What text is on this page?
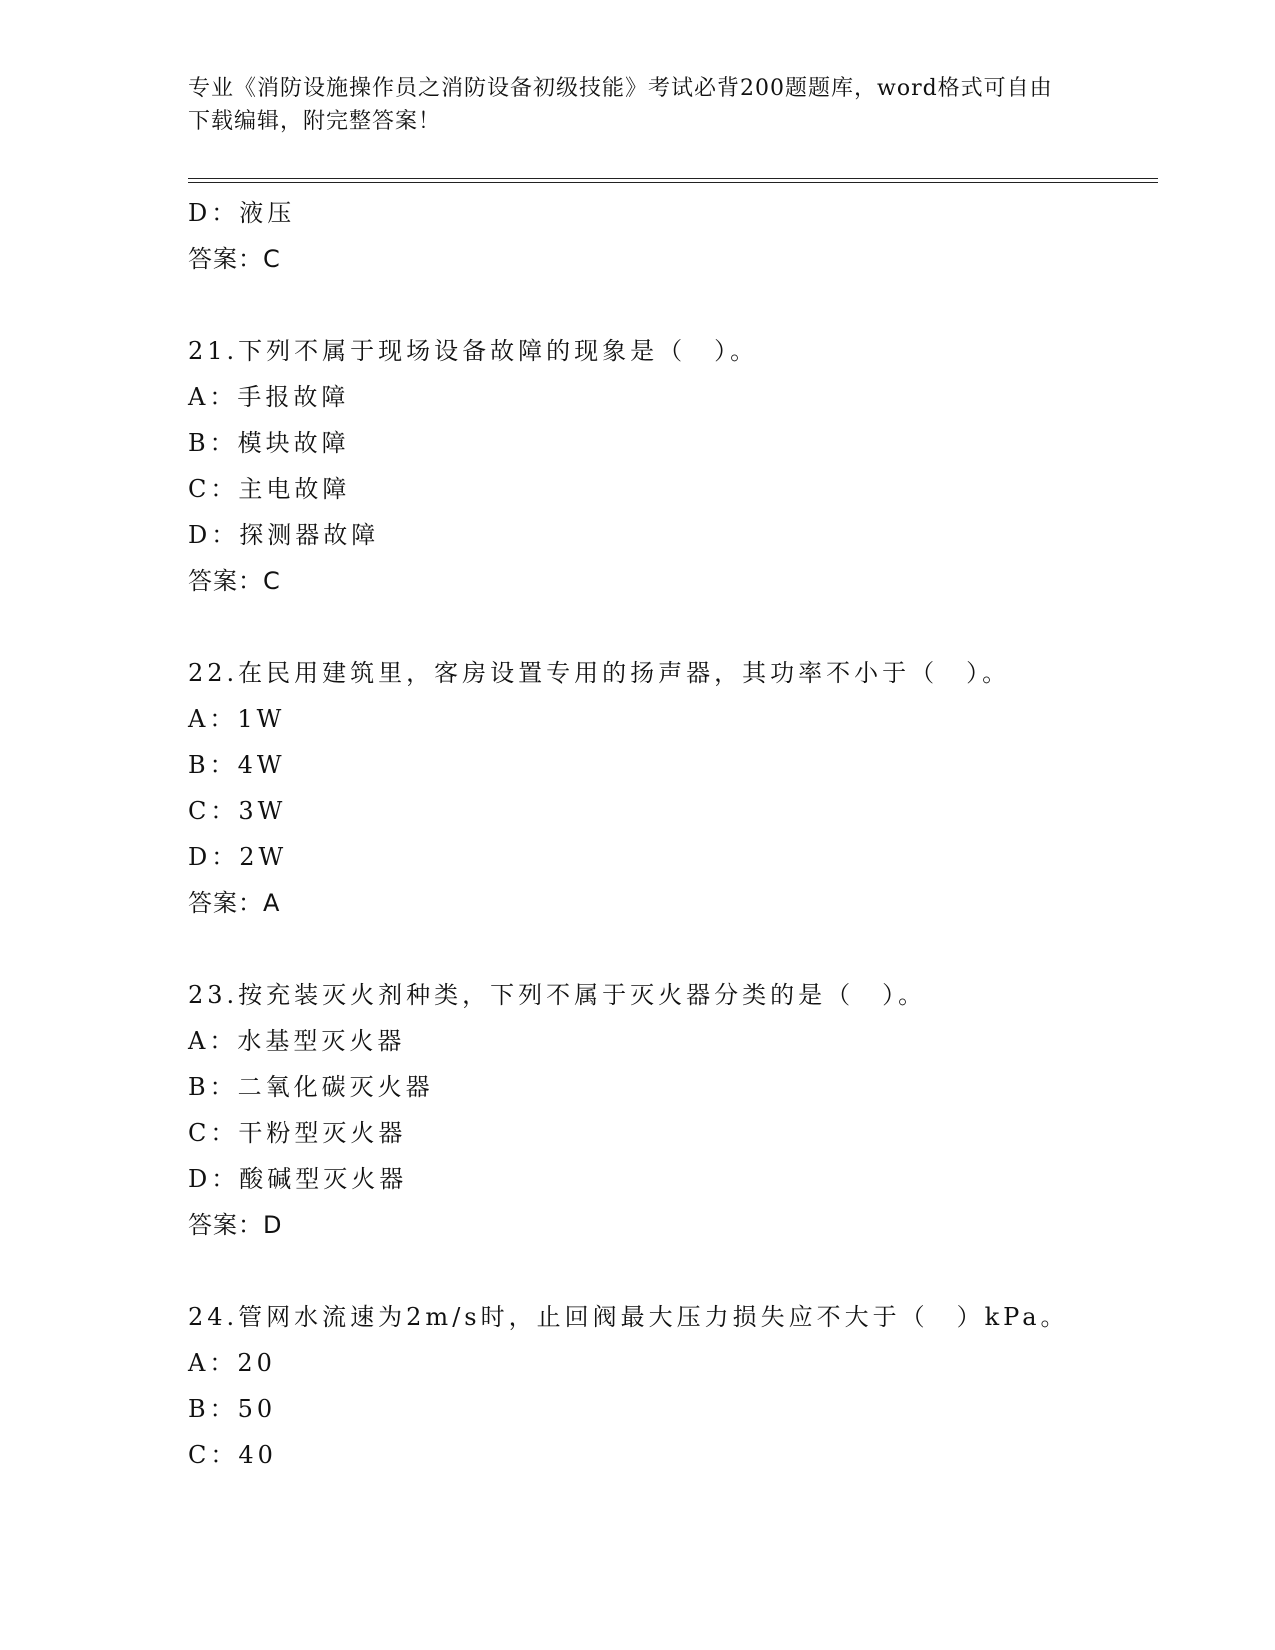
专业《消防设施操作员之消防设备初级技能》考试必背200题题库，word格式可自由下载编辑，附完整答案！
D：液压
答案：C
21.下列不属于现场设备故障的现象是（　）。
A：手报故障
B：模块故障
C：主电故障
D：探测器故障
答案：C
22.在民用建筑里，客房设置专用的扬声器，其功率不小于（　）。
A：1W
B：4W
C：3W
D：2W
答案：A
23.按充装灭火剂种类，下列不属于灭火器分类的是（　）。
A：水基型灭火器
B：二氧化碳灭火器
C：干粉型灭火器
D：酸碱型灭火器
答案：D
24.管网水流速为2m/s时，止回阀最大压力损失应不大于（　）kPa。
A：20
B：50
C：40
